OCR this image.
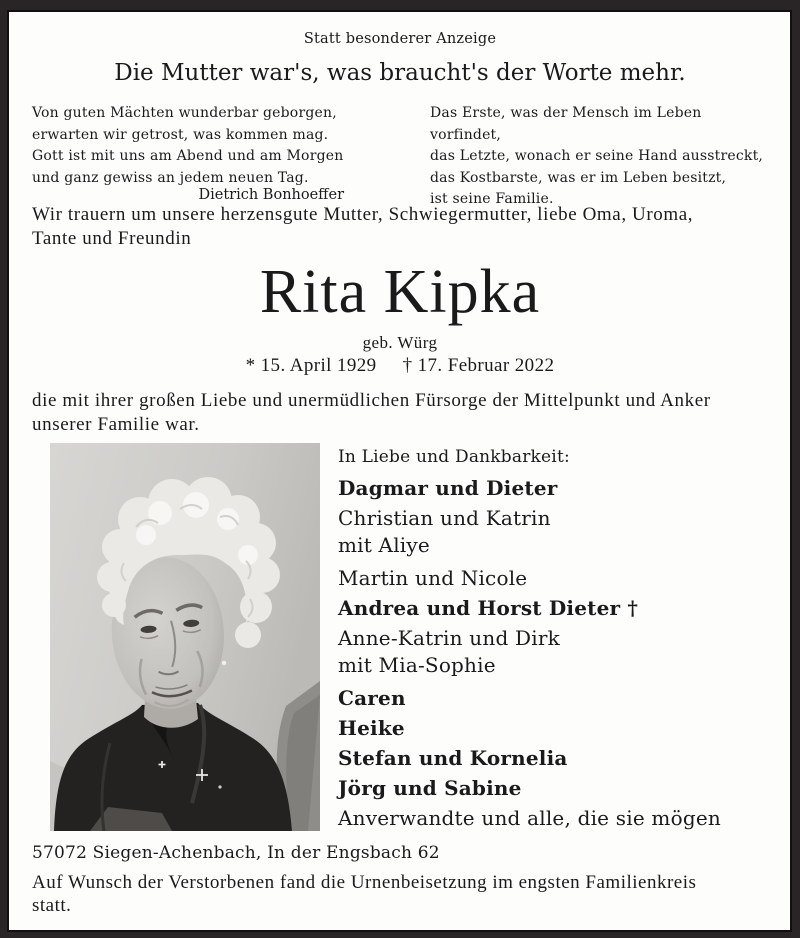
Statt besonderer Anzeige
Die Mutter war's, was braucht's der Worte mehr.
Von guten Mächten wunderbar geborgen,
erwarten wir getrost, was kommen mag.
Gott ist mit uns am Abend und am Morgen
und ganz gewiss an jedem neuen Tag.
Das Erste, was der Mensch im Leben vorfindet,
das Letzte, wonach er seine Hand ausstreckt,
das Kostbarste, was er im Leben besitzt,
ist seine Familie.
Dietrich Bonhoeffer
Wir trauern um unsere herzensgute Mutter, Schwiegermutter, liebe Oma, Uroma,
Tante und Freundin
Rita Kipka
geb. Würg
* 15. April 1929 † 17. Februar 2022
die mit ihrer großen Liebe und unermüdlichen Fürsorge der Mittelpunkt und Anker
unserer Familie war.
In Liebe und Dankbarkeit:
Dagmar und Dieter
Christian und Katrin
mit Aliye
Martin und Nicole
Andrea und Horst Dieter †
Anne-Katrin und Dirk
mit Mia-Sophie
Caren
Heike
Stefan und Kornelia
Jörg und Sabine
Anverwandte und alle, die sie mögen
57072 Siegen-Achenbach, In der Engsbach 62
Auf Wunsch der Verstorbenen fand die Urnenbeisetzung im engsten Familienkreis
statt.
